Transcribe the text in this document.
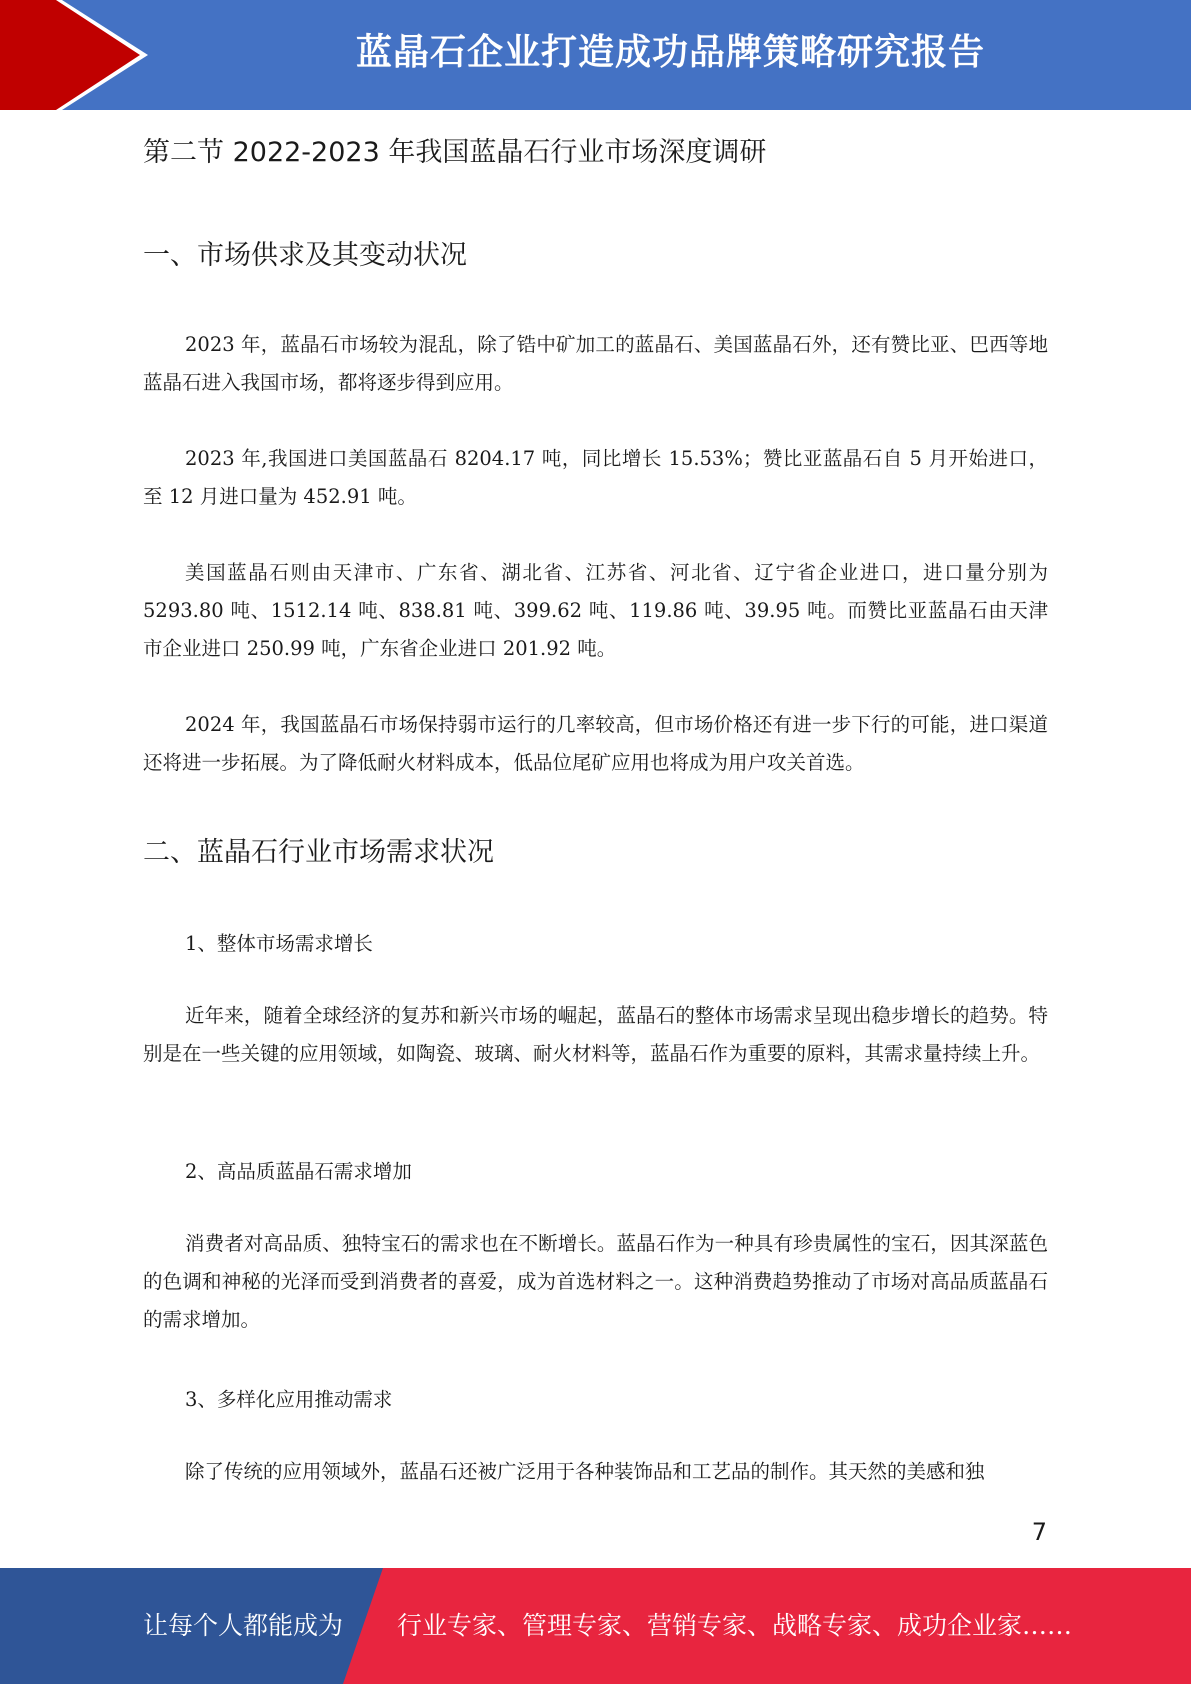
蓝晶石企业打造成功品牌策略研究报告
第二节 2022-2023 年我国蓝晶石行业市场深度调研
一、市场供求及其变动状况
2023 年，蓝晶石市场较为混乱，除了锆中矿加工的蓝晶石、美国蓝晶石外，还有赞比亚、巴西等地蓝晶石进入我国市场，都将逐步得到应用。
2023 年,我国进口美国蓝晶石 8204.17 吨，同比增长 15.53%；赞比亚蓝晶石自 5 月开始进口，至 12 月进口量为 452.91 吨。
美国蓝晶石则由天津市、广东省、湖北省、江苏省、河北省、辽宁省企业进口，进口量分别为 5293.80 吨、1512.14 吨、838.81 吨、399.62 吨、119.86 吨、39.95 吨。而赞比亚蓝晶石由天津市企业进口 250.99 吨，广东省企业进口 201.92 吨。
2024 年，我国蓝晶石市场保持弱市运行的几率较高，但市场价格还有进一步下行的可能，进口渠道还将进一步拓展。为了降低耐火材料成本，低品位尾矿应用也将成为用户攻关首选。
二、蓝晶石行业市场需求状况
1、整体市场需求增长
近年来，随着全球经济的复苏和新兴市场的崛起，蓝晶石的整体市场需求呈现出稳步增长的趋势。特别是在一些关键的应用领域，如陶瓷、玻璃、耐火材料等，蓝晶石作为重要的原料，其需求量持续上升。
2、高品质蓝晶石需求增加
消费者对高品质、独特宝石的需求也在不断增长。蓝晶石作为一种具有珍贵属性的宝石，因其深蓝色的色调和神秘的光泽而受到消费者的喜爱，成为首选材料之一。这种消费趋势推动了市场对高品质蓝晶石的需求增加。
3、多样化应用推动需求
除了传统的应用领域外，蓝晶石还被广泛用于各种装饰品和工艺品的制作。其天然的美感和独
7
让每个人都能成为 行业专家、管理专家、营销专家、战略专家、成功企业家……
